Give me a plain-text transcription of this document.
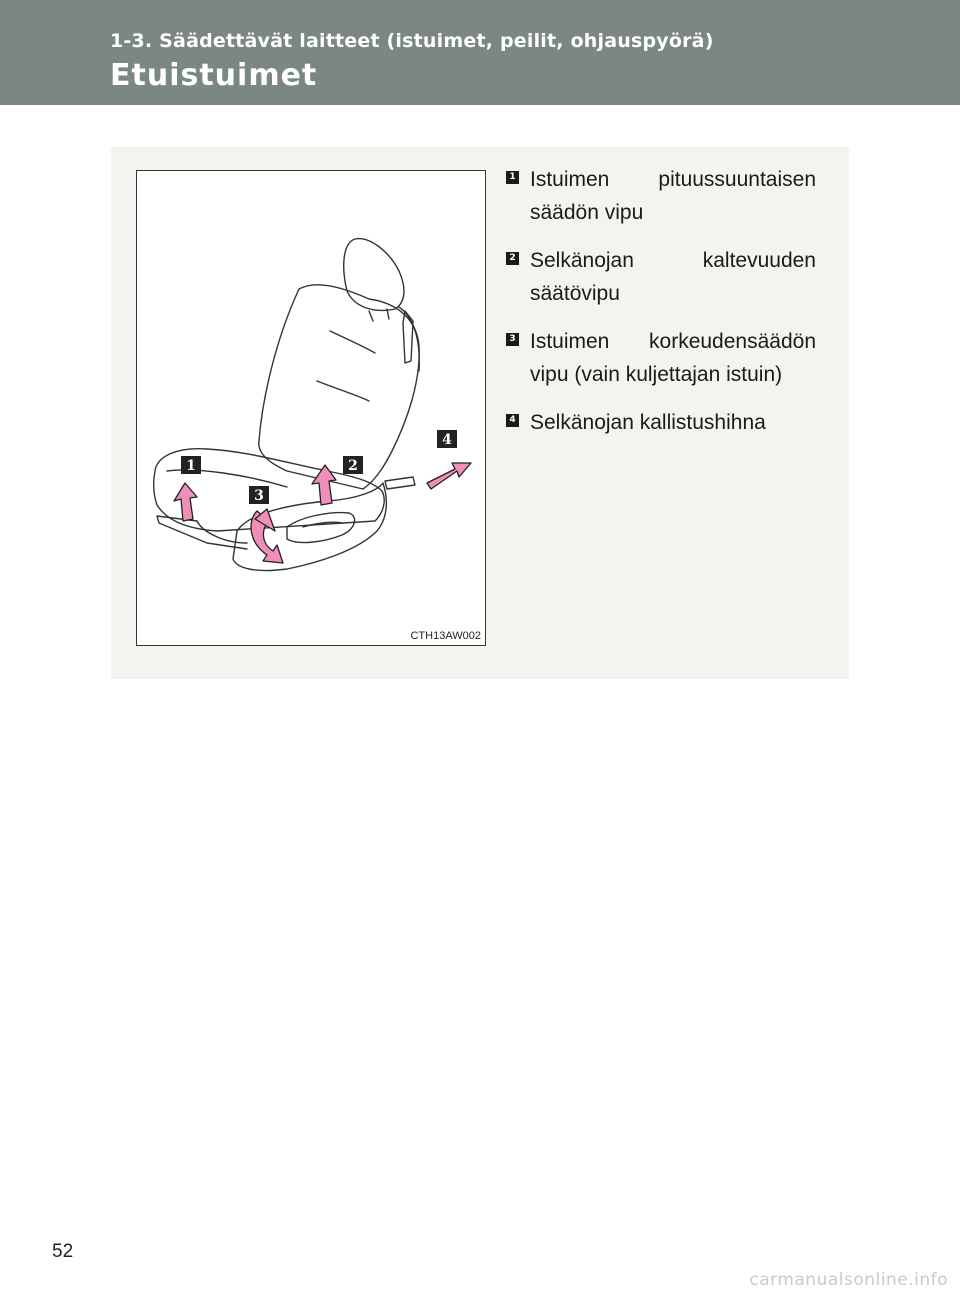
1-3. Säädettävät laitteet (istuimet, peilit, ohjauspyörä)
Etuistuimet
1	2
3
4
CTH13AW002
1 Istuimen pituussuuntaisen säädön vipu
2 Selkänojan kaltevuuden säätövipu
3 Istuimen korkeudensäädön vipu (vain kuljettajan istuin)
4 Selkänojan kallistushihna
52
carmanualsonline.info
